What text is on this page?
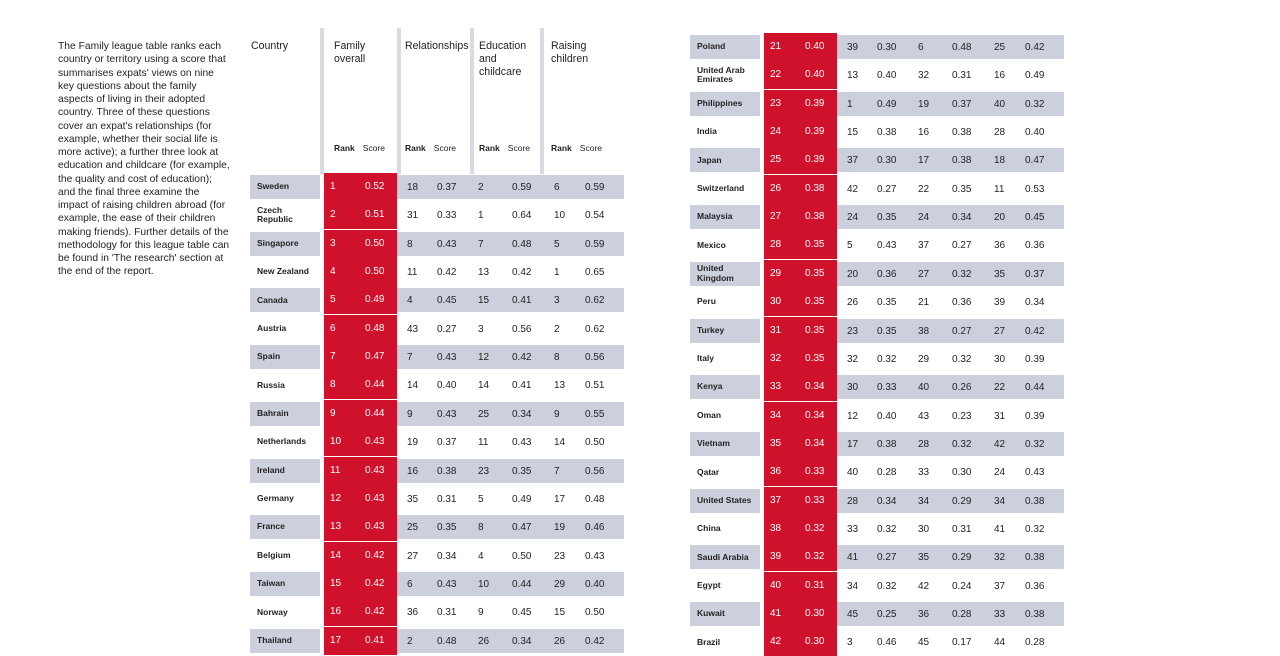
The Family league table ranks each country or territory using a score that summarises expats' views on nine key questions about the family aspects of living in their adopted country. Three of these questions cover an expat's relationships (for example, whether their social life is more active); a further three look at education and childcare (for example, the quality and cost of education); and the final three examine the impact of raising children abroad (for example, the ease of their children making friends). Further details of the methodology for this league table can be found in 'The research' section at the end of the report.
Country	Family
overall
Relationships Education
and
childcare
Raising
children
Rank Score Rank Score	Rank Score Rank Score
Sweden	1	0.52 18 0.37 2	0.59 6	0.59
Czech Republic	2	0.51 31 0.33 1	0.64 10 0.54
Singapore	3	0.50 8 0.43 7	0.48 5	0.59
New Zealand	4	0.50 11 0.42 13 0.42 1	0.65
Canada	5	0.49 4 0.45 15 0.41 3	0.62
Austria	6	0.48 43 0.27 3	0.56 2	0.62
Spain	7	0.47 7 0.43 12 0.42 8	0.56
Russia	8	0.44 14 0.40 14 0.41 13 0.51
Bahrain	9	0.44 9 0.43 25 0.34 9	0.55
Netherlands	10 0.43 19 0.37 11 0.43 14 0.50
Ireland	11 0.43 16 0.38 23 0.35 7	0.56
Germany	12 0.43 35 0.31 5	0.49 17 0.48
France	13 0.43 25 0.35 8	0.47 19 0.46
Belgium	14 0.42 27 0.34 4	0.50 23 0.43
Taiwan	15 0.42 6 0.43 10 0.44 29 0.40
Norway	16 0.42 36 0.31 9	0.45 15 0.50
Thailand	17 0.41 2 0.48 26 0.34 26 0.42
Poland	21 0.40 39 0.30 6	0.48 25 0.42
United Arab Emirates	22 0.40 13 0.40 32 0.31 16 0.49
Philippines	23 0.39 1 0.49 19 0.37 40 0.32
India	24 0.39 15 0.38 16 0.38 28 0.40
Japan	25 0.39 37 0.30 17 0.38 18 0.47
Switzerland	26 0.38 42 0.27 22 0.35 11 0.53
Malaysia	27 0.38 24 0.35 24 0.34 20 0.45
Mexico	28 0.35 5 0.43 37 0.27 36 0.36
United Kingdom	29 0.35 20 0.36 27 0.32 35 0.37
Peru	30 0.35 26 0.35 21 0.36 39 0.34
Turkey	31 0.35 23 0.35 38 0.27 27 0.42
Italy	32 0.35 32 0.32 29 0.32 30 0.39
Kenya	33 0.34 30 0.33 40 0.26 22 0.44
Oman	34 0.34 12 0.40 43 0.23 31 0.39
Vietnam	35 0.34 17 0.38 28 0.32 42 0.32
Qatar	36 0.33 40 0.28 33 0.30 24 0.43
United States	37 0.33 28 0.34 34 0.29 34 0.38
China	38 0.32 33 0.32 30 0.31 41 0.32
Saudi Arabia	39 0.32 41 0.27 35 0.29 32 0.38
Egypt	40 0.31 34 0.32 42 0.24 37 0.36
Kuwait	41 0.30 45 0.25 36 0.28 33 0.38
Brazil	42 0.30 3 0.46 45 0.17 44 0.28
